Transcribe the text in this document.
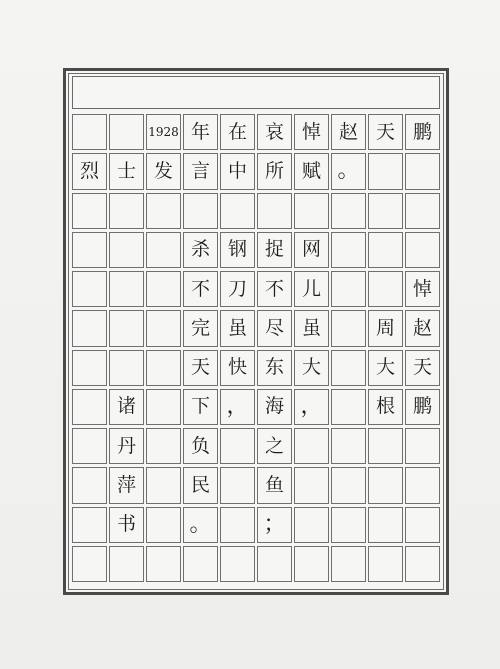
1928 年 在 哀 悼 赵 天 鹏
烈 士 发 言 中 所 赋 。
杀 钢 捉 网
不 刀 不 儿	悼
完 虽 尽 虽	周 赵
天 快 东 大	大 天
诸	下 ， 海 ，	根 鹏
丹	负	之
萍	民	鱼
书	。 ；
